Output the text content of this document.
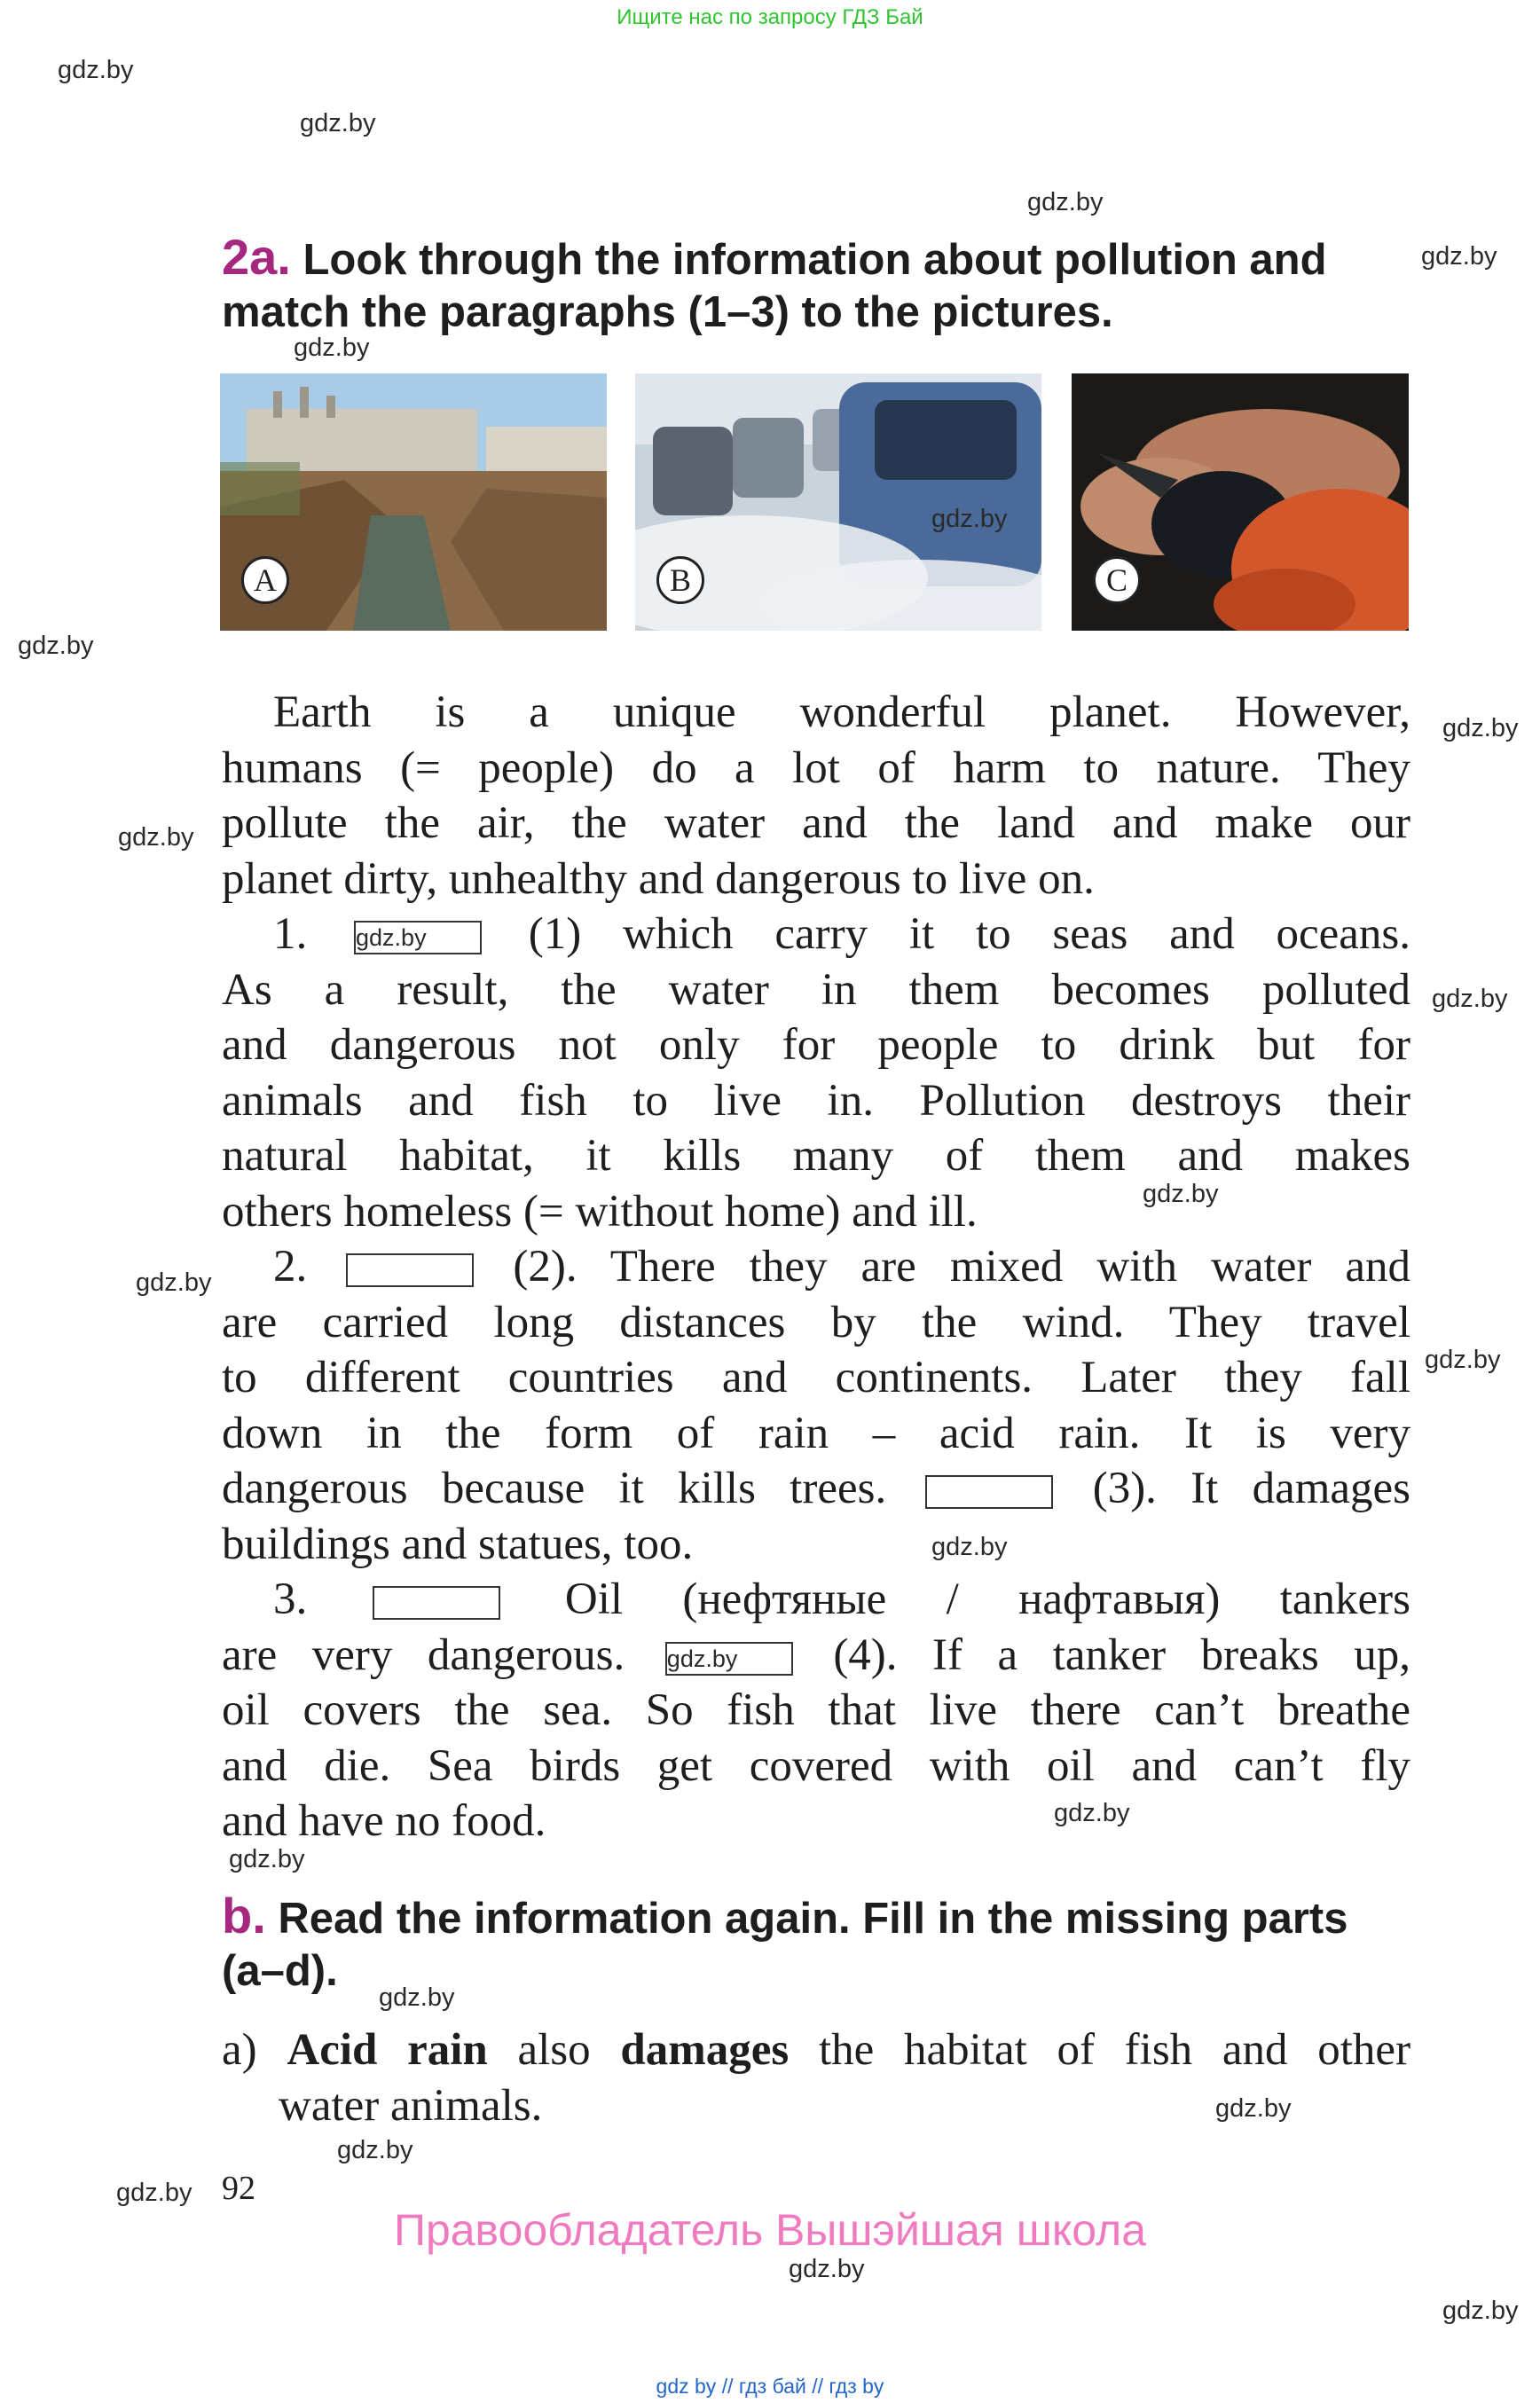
Ищите нас по запросу ГДЗ Бай
gdz.by
gdz.by
gdz.by
gdz.by
gdz.by
gdz.by
gdz.by
gdz.by
gdz.by
gdz.by
gdz.by
gdz.by
gdz.by
gdz.by
gdz.by
gdz.by
gdz.by
gdz.by
gdz.by
gdz.by
gdz.by
2a. Look through the information about pollution and
match the paragraphs (1–3) to the pictures.
A	B
gdz.by
C
Earth is a unique wonderful planet. However,
humans (= people) do a lot of harm to nature. They
pollute the air, the water and the land and make our
planet dirty, unhealthy and dangerous to live on.
1. gdz.by	(1) which carry it to seas and oceans.
As a result, the water in them becomes polluted
and dangerous not only for people to drink but for
animals and fish to live in. Pollution destroys their
natural habitat, it kills many of them and makes
others homeless (= without home) and ill.
2.	(2). There they are mixed with water and
are carried long distances by the wind. They travel
to different countries and continents. Later they fall
down in the form of rain – acid rain. It is very
dangerous because it kills trees.	(3). It damages
buildings and statues, too.
3.	Oil (нефтяные / нафтавыя) tankers
are very dangerous. gdz.by	(4). If a tanker breaks up,
oil covers the sea. So fish that live there can’t breathe
and die. Sea birds get covered with oil and can’t fly
and have no food.
b. Read the information again. Fill in the missing parts
(a–d).
a) Acid rain also damages the habitat of fish and other
water animals.
92
Правообладатель Вышэйшая школа
gdz by // гдз бай // гдз by
